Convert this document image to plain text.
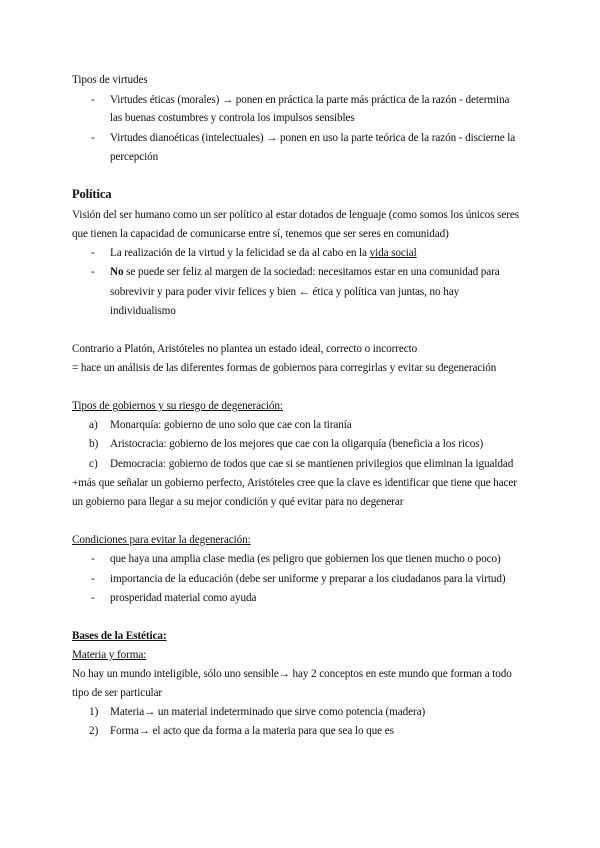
Tipos de virtudes
- Virtudes éticas (morales) → ponen en práctica la parte más práctica de la razón - determina
las buenas costumbres y controla los impulsos sensibles
- Virtudes dianoéticas (intelectuales) → ponen en uso la parte teórica de la razón - discierne la
percepción
Política
Visión del ser humano como un ser político al estar dotados de lenguaje (como somos los únicos seres
que tienen la capacidad de comunicarse entre sí, tenemos que ser seres en comunidad)
- La realización de la virtud y la felicidad se da al cabo en la vida social
- No se puede ser feliz al margen de la sociedad: necesitamos estar en una comunidad para
sobrevivir y para poder vivir felices y bien ← ética y política van juntas, no hay
individualismo
Contrario a Platón, Aristóteles no plantea un estado ideal, correcto o incorrecto
= hace un análisis de las diferentes formas de gobiernos para corregirlas y evitar su degeneración
Tipos de gobiernos y su riesgo de degeneración:
a) Monarquía: gobierno de uno solo que cae con la tiranía
b) Aristocracia: gobierno de los mejores que cae con la oligarquía (beneficia a los ricos)
c) Democracia: gobierno de todos que cae si se mantienen privilegios que eliminan la igualdad
+más que señalar un gobierno perfecto, Aristóteles cree que la clave es identificar que tiene que hacer
un gobierno para llegar a su mejor condición y qué evitar para no degenerar
Condiciones para evitar la degeneración:
- que haya una amplia clase media (es peligro que gobiernen los que tienen mucho o poco)
- importancia de la educación (debe ser uniforme y preparar a los ciudadanos para la virtud)
- prosperidad material como ayuda
Bases de la Estética:
Materia y forma:
No hay un mundo inteligible, sólo uno sensible→ hay 2 conceptos en este mundo que forman a todo
tipo de ser particular
1) Materia→ un material indeterminado que sirve como potencia (madera)
2) Forma→ el acto que da forma a la materia para que sea lo que es
